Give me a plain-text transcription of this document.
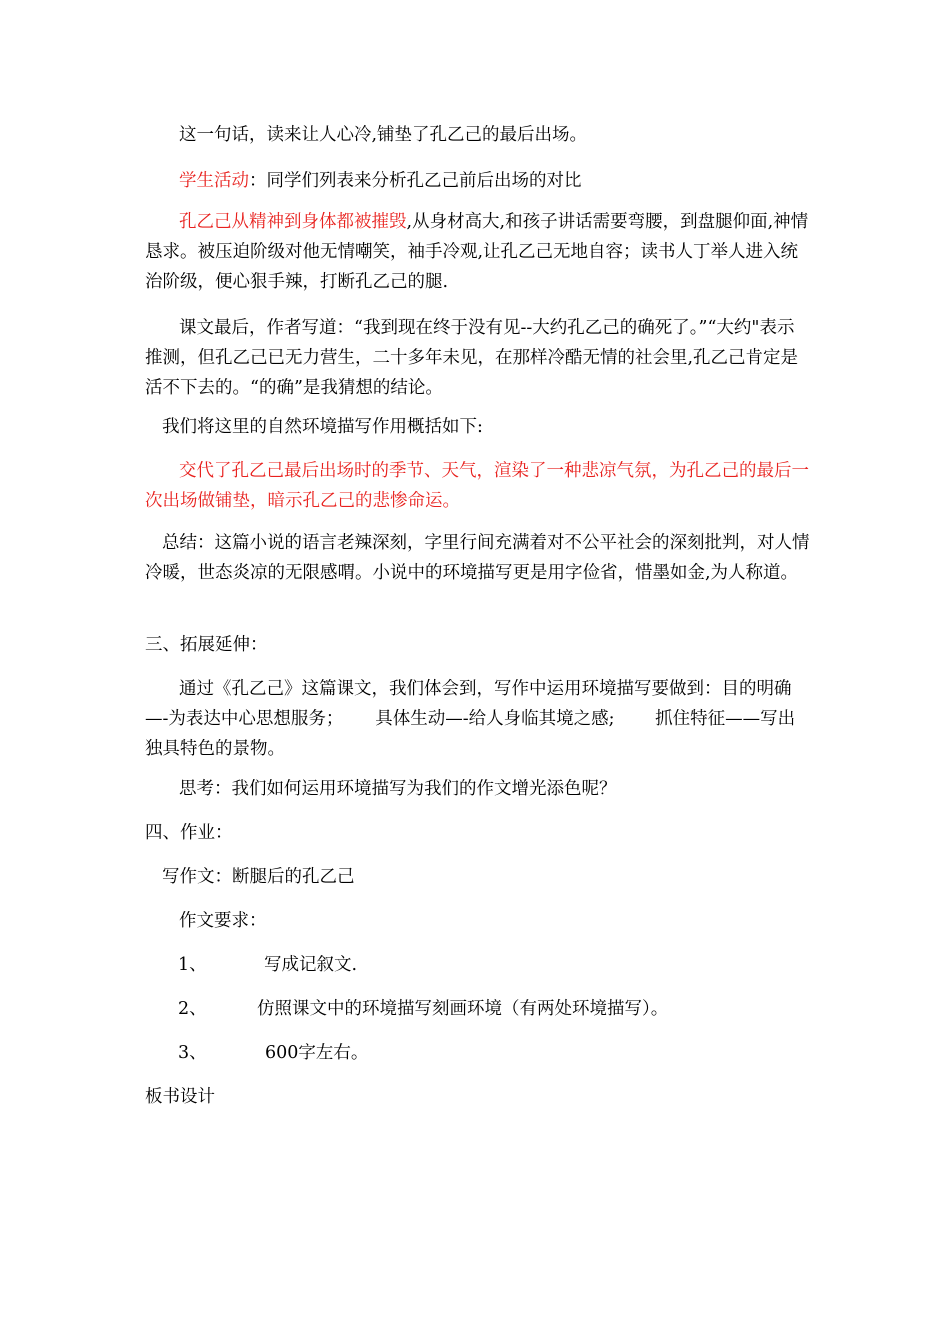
这一句话，读来让人心冷,铺垫了孔乙己的最后出场。

学生活动：同学们列表来分析孔乙己前后出场的对比

孔乙己从精神到身体都被摧毁,从身材高大,和孩子讲话需要弯腰，到盘腿仰面,神情恳求。被压迫阶级对他无情嘲笑，袖手冷观,让孔乙己无地自容；读书人丁举人进入统治阶级，便心狠手辣，打断孔乙己的腿.

课文最后，作者写道：“我到现在终于没有见--大约孔乙己的确死了。”“大约"表示推测，但孔乙己已无力营生，二十多年未见，在那样冷酷无情的社会里,孔乙己肯定是活不下去的。“的确”是我猜想的结论。

我们将这里的自然环境描写作用概括如下:

交代了孔乙己最后出场时的季节、天气，渲染了一种悲凉气氛，为孔乙己的最后一次出场做铺垫，暗示孔乙己的悲惨命运。

总结：这篇小说的语言老辣深刻，字里行间充满着对不公平社会的深刻批判，对人情冷暖，世态炎凉的无限感喟。小说中的环境描写更是用字俭省，惜墨如金,为人称道。

三、拓展延伸：

通过《孔乙己》这篇课文，我们体会到，写作中运用环境描写要做到：目的明确—-为表达中心思想服务；　　 具体生动—-给人身临其境之感;　　 抓住特征——写出独具特色的景物。

思考：我们如何运用环境描写为我们的作文增光添色呢？

四、作业：

写作文：断腿后的孔乙己

作文要求：

1、	写成记叙文.
2、	仿照课文中的环境描写刻画环境（有两处环境描写）。
3、	600字左右。

板书设计
